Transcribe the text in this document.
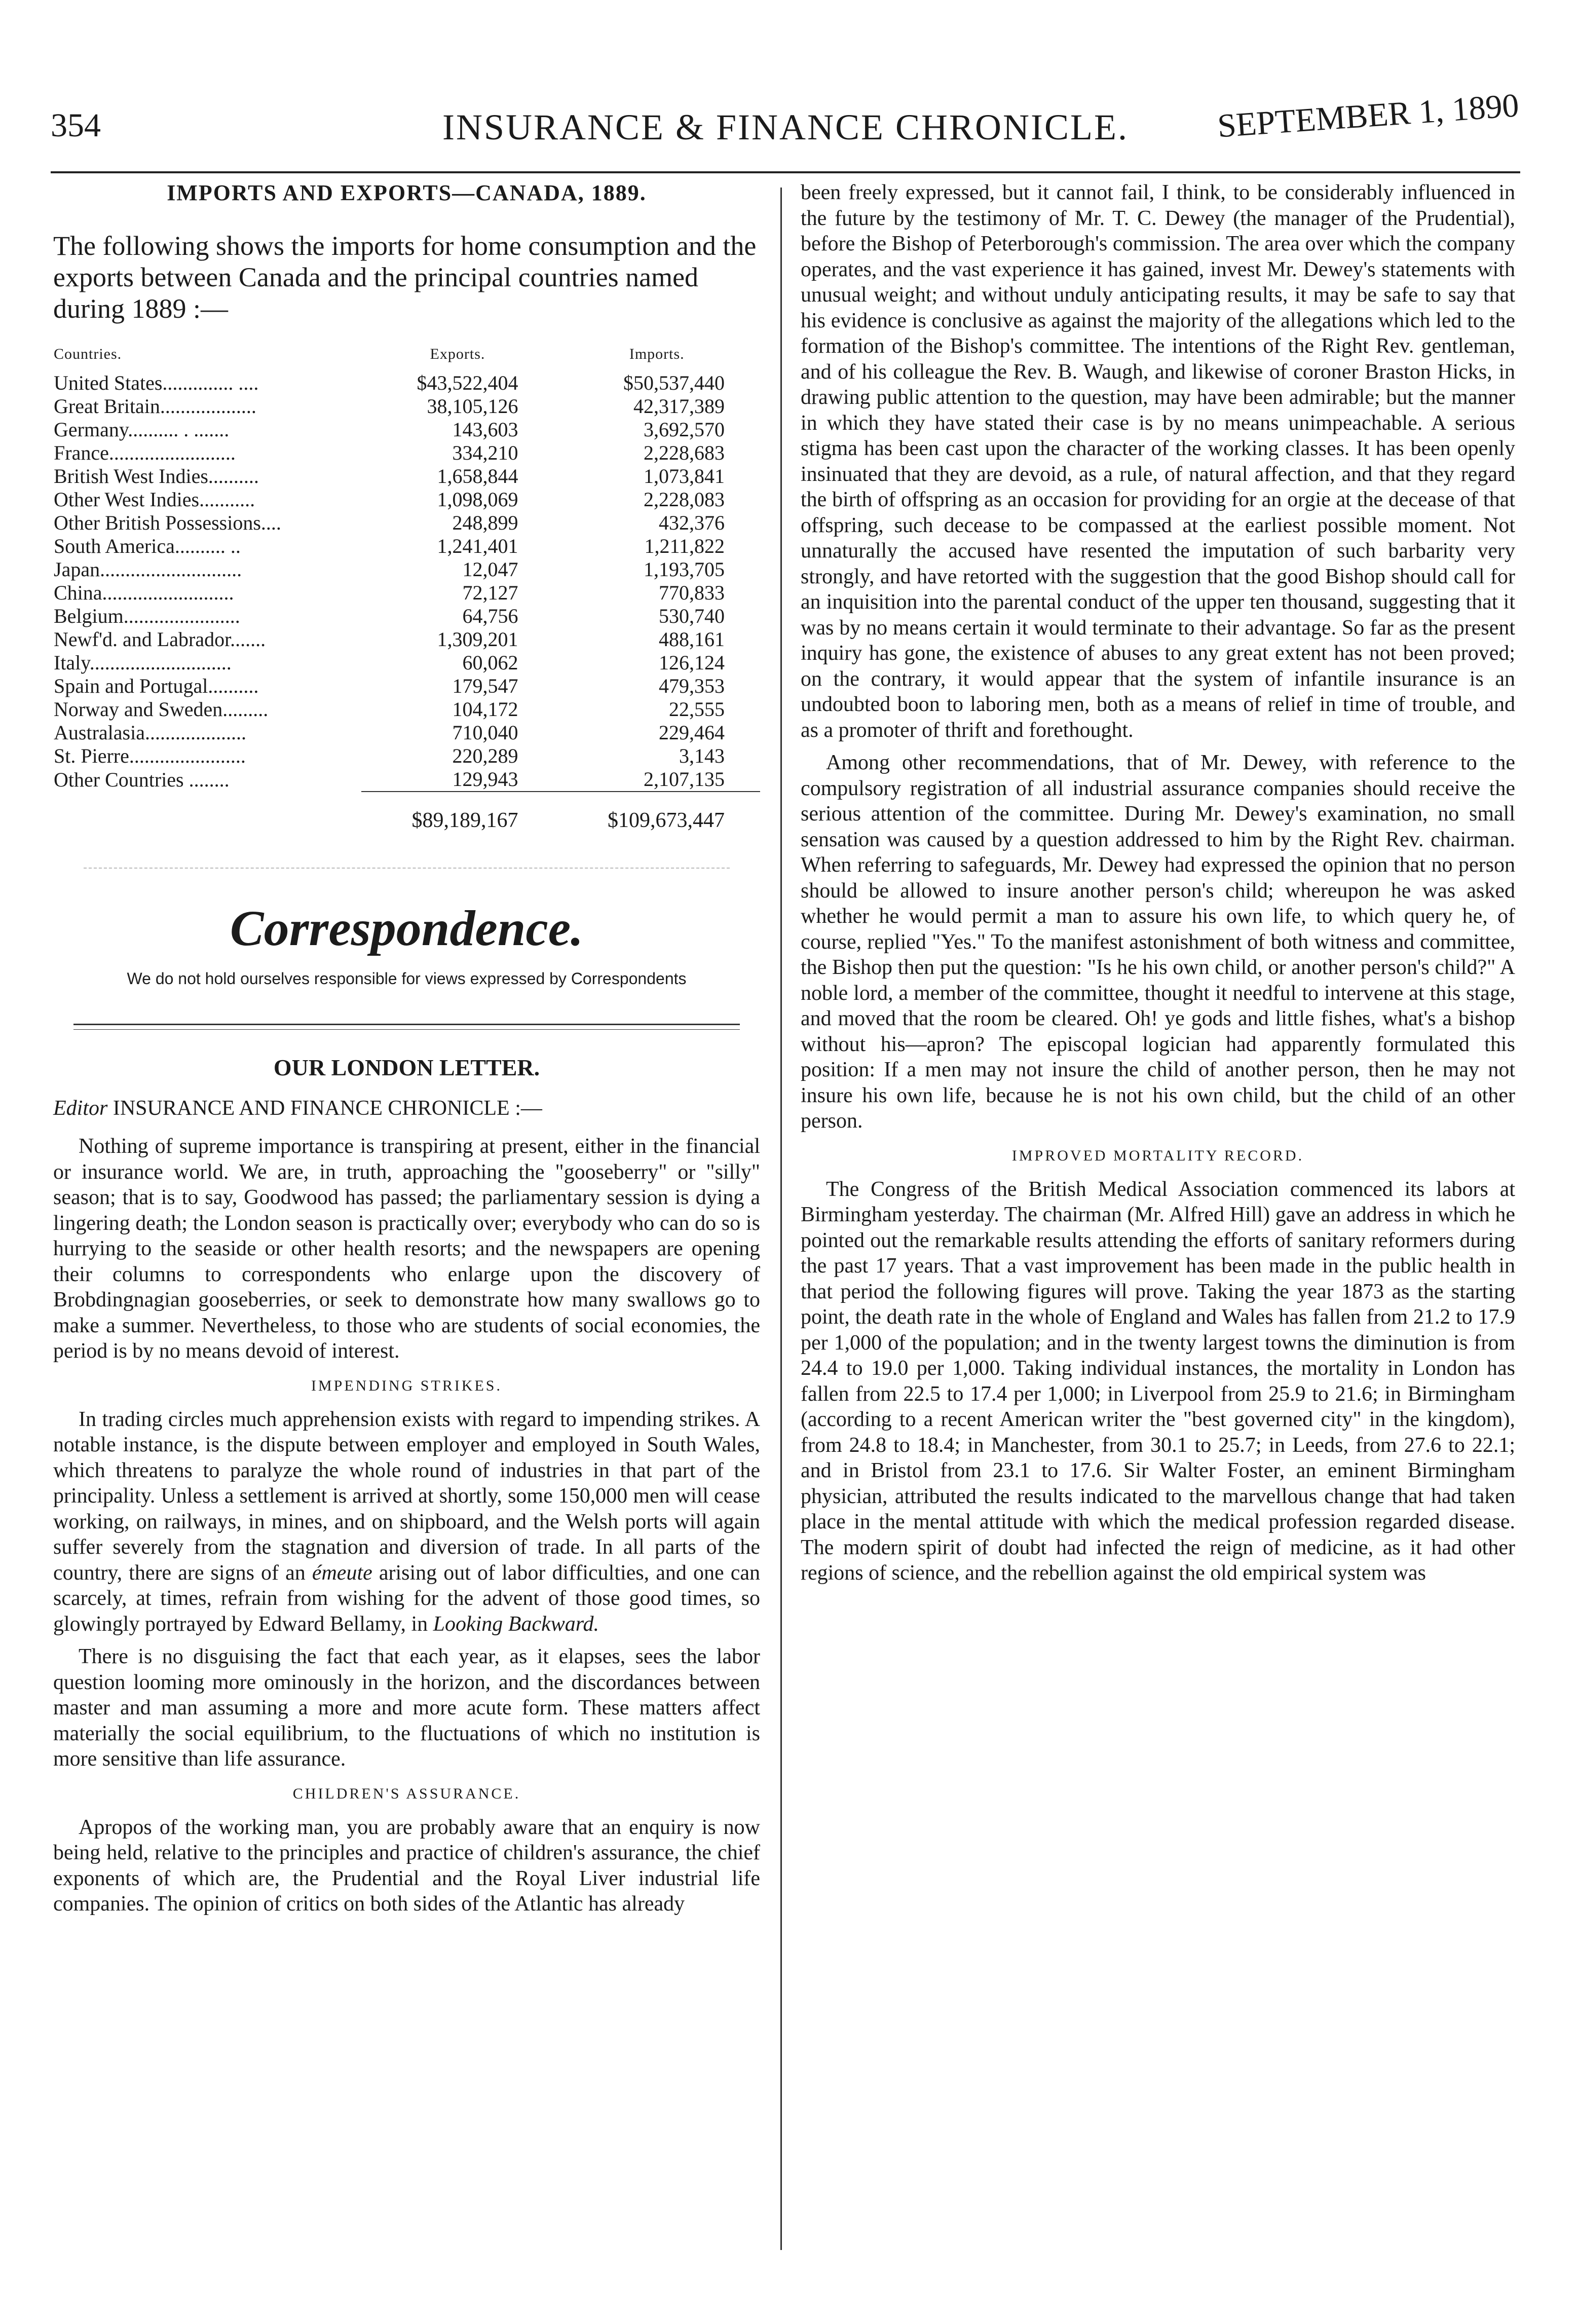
354	INSURANCE & FINANCE CHRONICLE.	SEPTEMBER 1, 1890
IMPORTS AND EXPORTS—CANADA, 1889.

The following shows the imports for home consumption and the exports between Canada and the principal countries named during 1889 :—

Countries.	Exports.	Imports.
United States.............. ....	$43,522,404	$50,537,440
Great Britain...................	38,105,126	42,317,389
Germany.......... . .......	143,603	3,692,570
France.........................	334,210	2,228,683
British West Indies..........	1,658,844	1,073,841
Other West Indies...........	1,098,069	2,228,083
Other British Possessions....	248,899	432,376
South America.......... ..	1,241,401	1,211,822
Japan............................	12,047	1,193,705
China..........................	72,127	770,833
Belgium.......................	64,756	530,740
Newf'd. and Labrador.......	1,309,201	488,161
Italy............................	60,062	126,124
Spain and Portugal..........	179,547	479,353
Norway and Sweden.........	104,172	22,555
Australasia....................	710,040	229,464
St. Pierre.......................	220,289	3,143
Other Countries ........	129,943	2,107,135
	$89,189,167	$109,673,447
Correspondence.
We do not hold ourselves responsible for views expressed by Correspondents
OUR LONDON LETTER.
Editor INSURANCE AND FINANCE CHRONICLE :—

Nothing of supreme importance is transpiring at present, either in the financial or insurance world. We are, in truth, approaching the "gooseberry" or "silly" season; that is to say, Goodwood has passed; the parliamentary session is dying a lingering death; the London season is practically over; everybody who can do so is hurrying to the seaside or other health resorts; and the newspapers are opening their columns to correspondents who enlarge upon the discovery of Brobdingnagian gooseberries, or seek to demonstrate how many swallows go to make a summer. Nevertheless, to those who are students of social economies, the period is by no means devoid of interest.

IMPENDING STRIKES.

In trading circles much apprehension exists with regard to impending strikes. A notable instance, is the dispute between employer and employed in South Wales, which threatens to paralyze the whole round of industries in that part of the principality. Unless a settlement is arrived at shortly, some 150,000 men will cease working, on railways, in mines, and on shipboard, and the Welsh ports will again suffer severely from the stagnation and diversion of trade. In all parts of the country, there are signs of an émeute arising out of labor difficulties, and one can scarcely, at times, refrain from wishing for the advent of those good times, so glowingly portrayed by Edward Bellamy, in Looking Backward.

There is no disguising the fact that each year, as it elapses, sees the labor question looming more ominously in the horizon, and the discordances between master and man assuming a more and more acute form. These matters affect materially the social equilibrium, to the fluctuations of which no institution is more sensitive than life assurance.

CHILDREN'S ASSURANCE.

Apropos of the working man, you are probably aware that an enquiry is now being held, relative to the principles and practice of children's assurance, the chief exponents of which are, the Prudential and the Royal Liver industrial life companies. The opinion of critics on both sides of the Atlantic has already

been freely expressed, but it cannot fail, I think, to be considerably influenced in the future by the testimony of Mr. T. C. Dewey (the manager of the Prudential), before the Bishop of Peterborough's commission. The area over which the company operates, and the vast experience it has gained, invest Mr. Dewey's statements with unusual weight; and without unduly anticipating results, it may be safe to say that his evidence is conclusive as against the majority of the allegations which led to the formation of the Bishop's committee. The intentions of the Right Rev. gentleman, and of his colleague the Rev. B. Waugh, and likewise of coroner Braston Hicks, in drawing public attention to the question, may have been admirable; but the manner in which they have stated their case is by no means unimpeachable. A serious stigma has been cast upon the character of the working classes. It has been openly insinuated that they are devoid, as a rule, of natural affection, and that they regard the birth of offspring as an occasion for providing for an orgie at the decease of that offspring, such decease to be compassed at the earliest possible moment. Not unnaturally the accused have resented the imputation of such barbarity very strongly, and have retorted with the suggestion that the good Bishop should call for an inquisition into the parental conduct of the upper ten thousand, suggesting that it was by no means certain it would terminate to their advantage. So far as the present inquiry has gone, the existence of abuses to any great extent has not been proved; on the contrary, it would appear that the system of infantile insurance is an undoubted boon to laboring men, both as a means of relief in time of trouble, and as a promoter of thrift and forethought.

Among other recommendations, that of Mr. Dewey, with reference to the compulsory registration of all industrial assurance companies should receive the serious attention of the committee. During Mr. Dewey's examination, no small sensation was caused by a question addressed to him by the Right Rev. chairman. When referring to safeguards, Mr. Dewey had expressed the opinion that no person should be allowed to insure another person's child; whereupon he was asked whether he would permit a man to assure his own life, to which query he, of course, replied "Yes." To the manifest astonishment of both witness and committee, the Bishop then put the question: "Is he his own child, or another person's child?" A noble lord, a member of the committee, thought it needful to intervene at this stage, and moved that the room be cleared. Oh! ye gods and little fishes, what's a bishop without his—apron? The episcopal logician had apparently formulated this position: If a men may not insure the child of another person, then he may not insure his own life, because he is not his own child, but the child of an other person.

IMPROVED MORTALITY RECORD.

The Congress of the British Medical Association commenced its labors at Birmingham yesterday. The chairman (Mr. Alfred Hill) gave an address in which he pointed out the remarkable results attending the efforts of sanitary reformers during the past 17 years. That a vast improvement has been made in the public health in that period the following figures will prove. Taking the year 1873 as the starting point, the death rate in the whole of England and Wales has fallen from 21.2 to 17.9 per 1,000 of the population; and in the twenty largest towns the diminution is from 24.4 to 19.0 per 1,000. Taking individual instances, the mortality in London has fallen from 22.5 to 17.4 per 1,000; in Liverpool from 25.9 to 21.6; in Birmingham (according to a recent American writer the "best governed city" in the kingdom), from 24.8 to 18.4; in Manchester, from 30.1 to 25.7; in Leeds, from 27.6 to 22.1; and in Bristol from 23.1 to 17.6. Sir Walter Foster, an eminent Birmingham physician, attributed the results indicated to the marvellous change that had taken place in the mental attitude with which the medical profession regarded disease. The modern spirit of doubt had infected the reign of medicine, as it had other regions of science, and the rebellion against the old empirical system was
